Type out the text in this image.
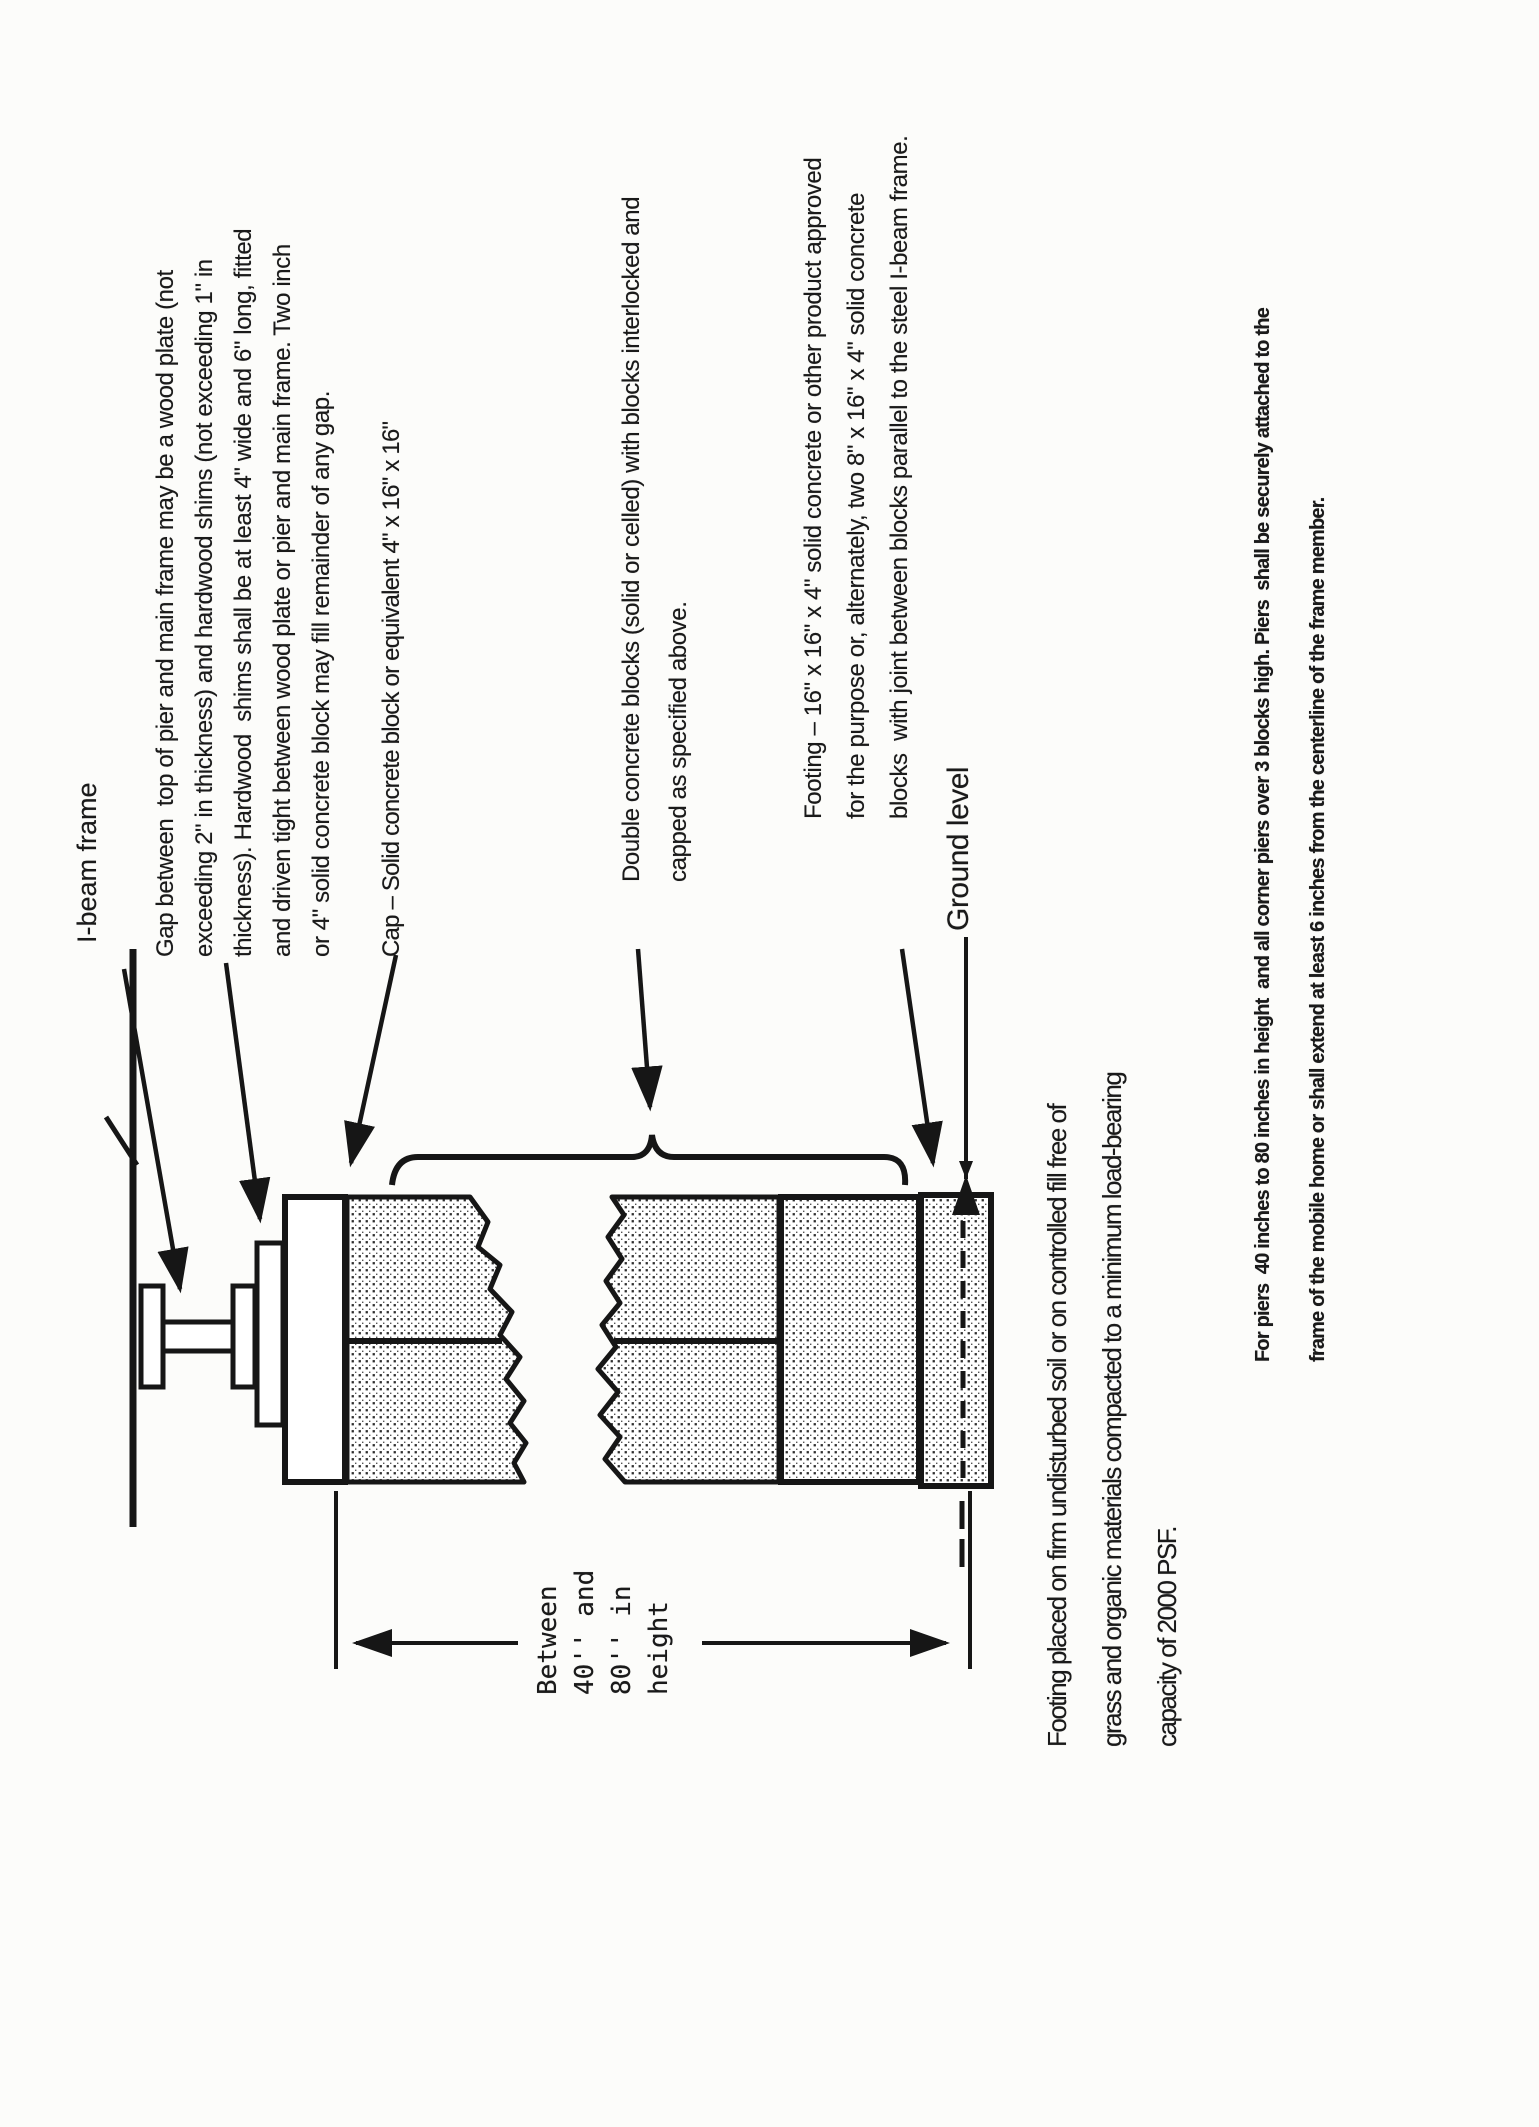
I-beam frame Gap between  top of pier and main frame may be a wood plate (not exceeding 2" in thickness) and hardwood shims (not exceeding 1" in thickness). Hardwood  shims shall be at least 4" wide and 6" long, fitted and driven tight between wood plate or pier and main frame. Two inch or 4" solid concrete block may fill remainder of any gap. Cap – Solid concrete block or equivalent 4" x 16" x 16"	Double concrete blocks (solid or celled) with blocks interlocked and capped as specified above.	Footing – 16" x 16" x 4" solid concrete or other product approved for the purpose or, alternately, two 8" x 16" x 4" solid concrete blocks  with joint between blocks parallel to the steel I-beam frame.
Ground level
Between 40'' and 80'' in height	Footing placed on firm undisturbed soil or on controlled fill free of grass and organic materials compacted to a minimum load-bearing capacity of 2000 PSF.
For piers  40 inches to 80 inches in height  and all corner piers over 3 blocks high. Piers  shall be securely attached to the	frame of the mobile home or shall extend at least 6 inches from the centerline of the frame member.
